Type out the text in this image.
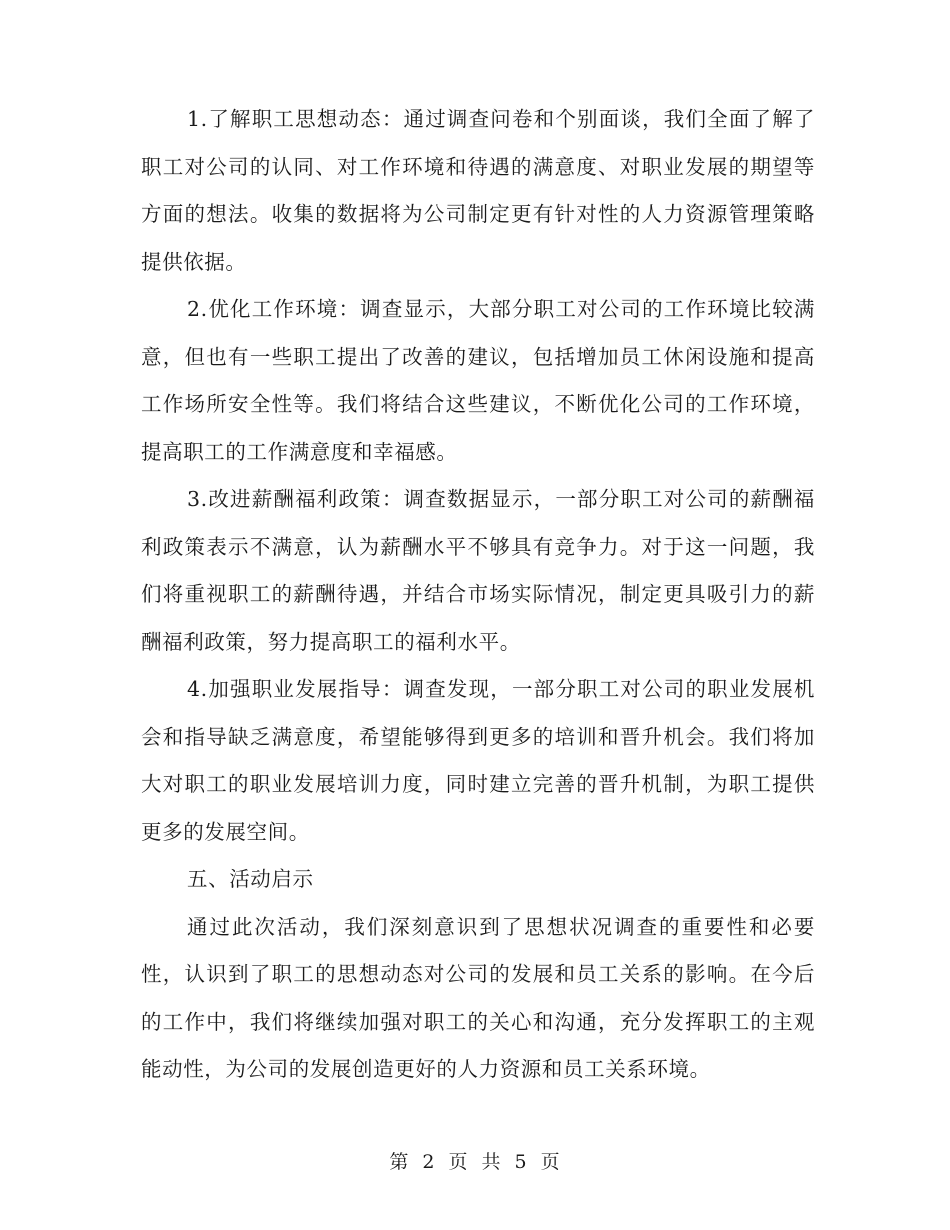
1.了解职工思想动态：通过调查问卷和个别面谈，我们全面了解了职工对公司的认同、对工作环境和待遇的满意度、对职业发展的期望等方面的想法。收集的数据将为公司制定更有针对性的人力资源管理策略提供依据。

2.优化工作环境：调查显示，大部分职工对公司的工作环境比较满意，但也有一些职工提出了改善的建议，包括增加员工休闲设施和提高工作场所安全性等。我们将结合这些建议，不断优化公司的工作环境，提高职工的工作满意度和幸福感。

3.改进薪酬福利政策：调查数据显示，一部分职工对公司的薪酬福利政策表示不满意，认为薪酬水平不够具有竞争力。对于这一问题，我们将重视职工的薪酬待遇，并结合市场实际情况，制定更具吸引力的薪酬福利政策，努力提高职工的福利水平。

4.加强职业发展指导：调查发现，一部分职工对公司的职业发展机会和指导缺乏满意度，希望能够得到更多的培训和晋升机会。我们将加大对职工的职业发展培训力度，同时建立完善的晋升机制，为职工提供更多的发展空间。

五、活动启示

通过此次活动，我们深刻意识到了思想状况调查的重要性和必要性，认识到了职工的思想动态对公司的发展和员工关系的影响。在今后的工作中，我们将继续加强对职工的关心和沟通，充分发挥职工的主观能动性，为公司的发展创造更好的人力资源和员工关系环境。

第 2 页 共 5 页
